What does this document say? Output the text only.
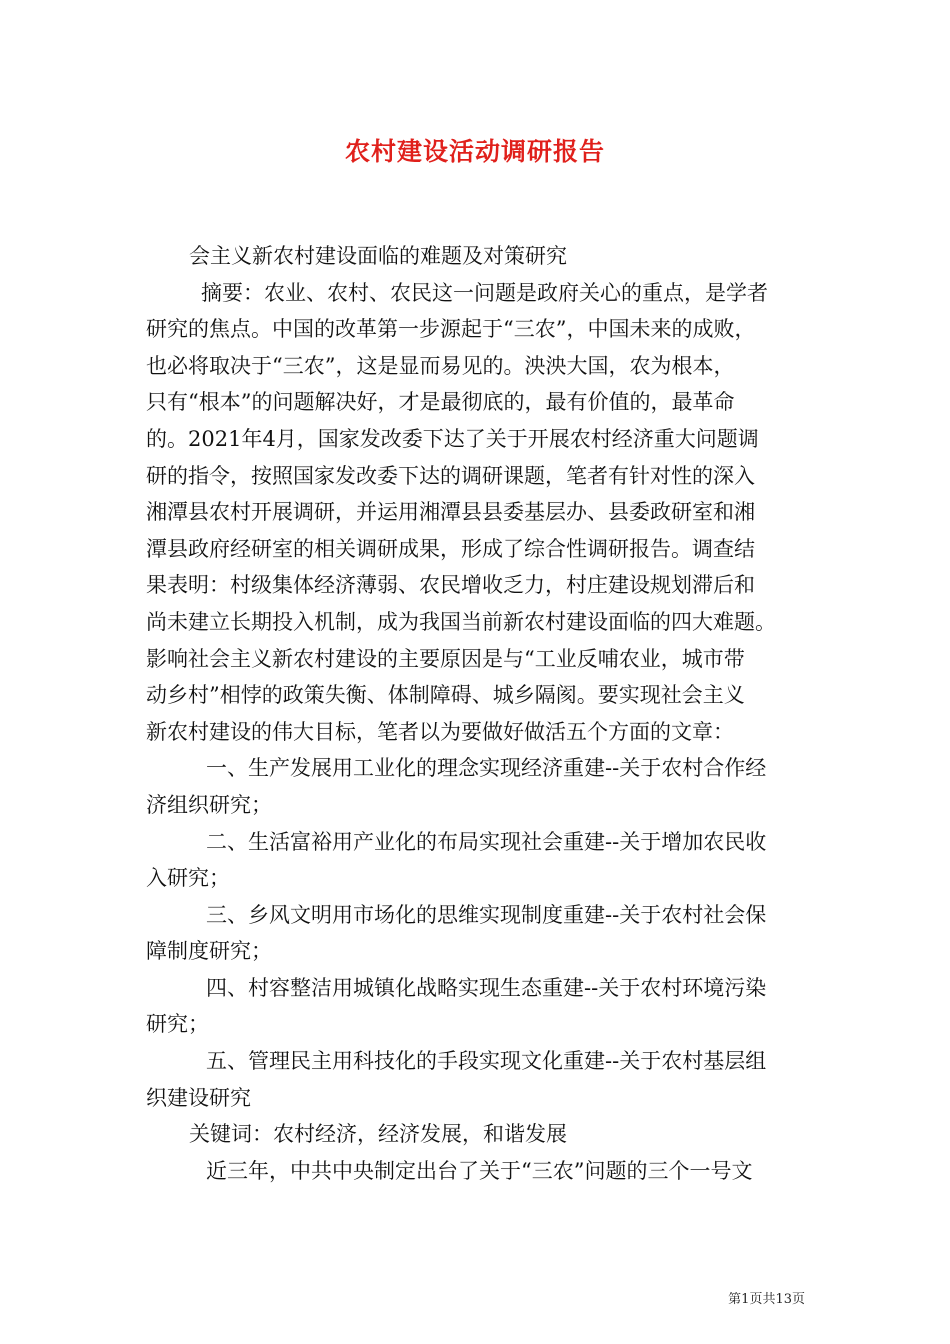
农村建设活动调研报告
会主义新农村建设面临的难题及对策研究
摘要：农业、农村、农民这一问题是政府关心的重点，是学者
研究的焦点。中国的改革第一步源起于“三农”，中国未来的成败，
也必将取决于“三农”，这是显而易见的。泱泱大国，农为根本，
只有“根本”的问题解决好，才是最彻底的，最有价值的，最革命
的。2021年4月，国家发改委下达了关于开展农村经济重大问题调
研的指令，按照国家发改委下达的调研课题，笔者有针对性的深入
湘潭县农村开展调研，并运用湘潭县县委基层办、县委政研室和湘
潭县政府经研室的相关调研成果，形成了综合性调研报告。调查结
果表明：村级集体经济薄弱、农民增收乏力，村庄建设规划滞后和
尚未建立长期投入机制，成为我国当前新农村建设面临的四大难题。
影响社会主义新农村建设的主要原因是与“工业反哺农业，城市带
动乡村”相悖的政策失衡、体制障碍、城乡隔阂。要实现社会主义
新农村建设的伟大目标，笔者以为要做好做活五个方面的文章：
一、生产发展用工业化的理念实现经济重建--关于农村合作经
济组织研究；
二、生活富裕用产业化的布局实现社会重建--关于增加农民收
入研究；
三、乡风文明用市场化的思维实现制度重建--关于农村社会保
障制度研究；
四、村容整洁用城镇化战略实现生态重建--关于农村环境污染
研究；
五、管理民主用科技化的手段实现文化重建--关于农村基层组
织建设研究
关键词：农村经济，经济发展，和谐发展
近三年，中共中央制定出台了关于“三农”问题的三个一号文
第1页共13页
